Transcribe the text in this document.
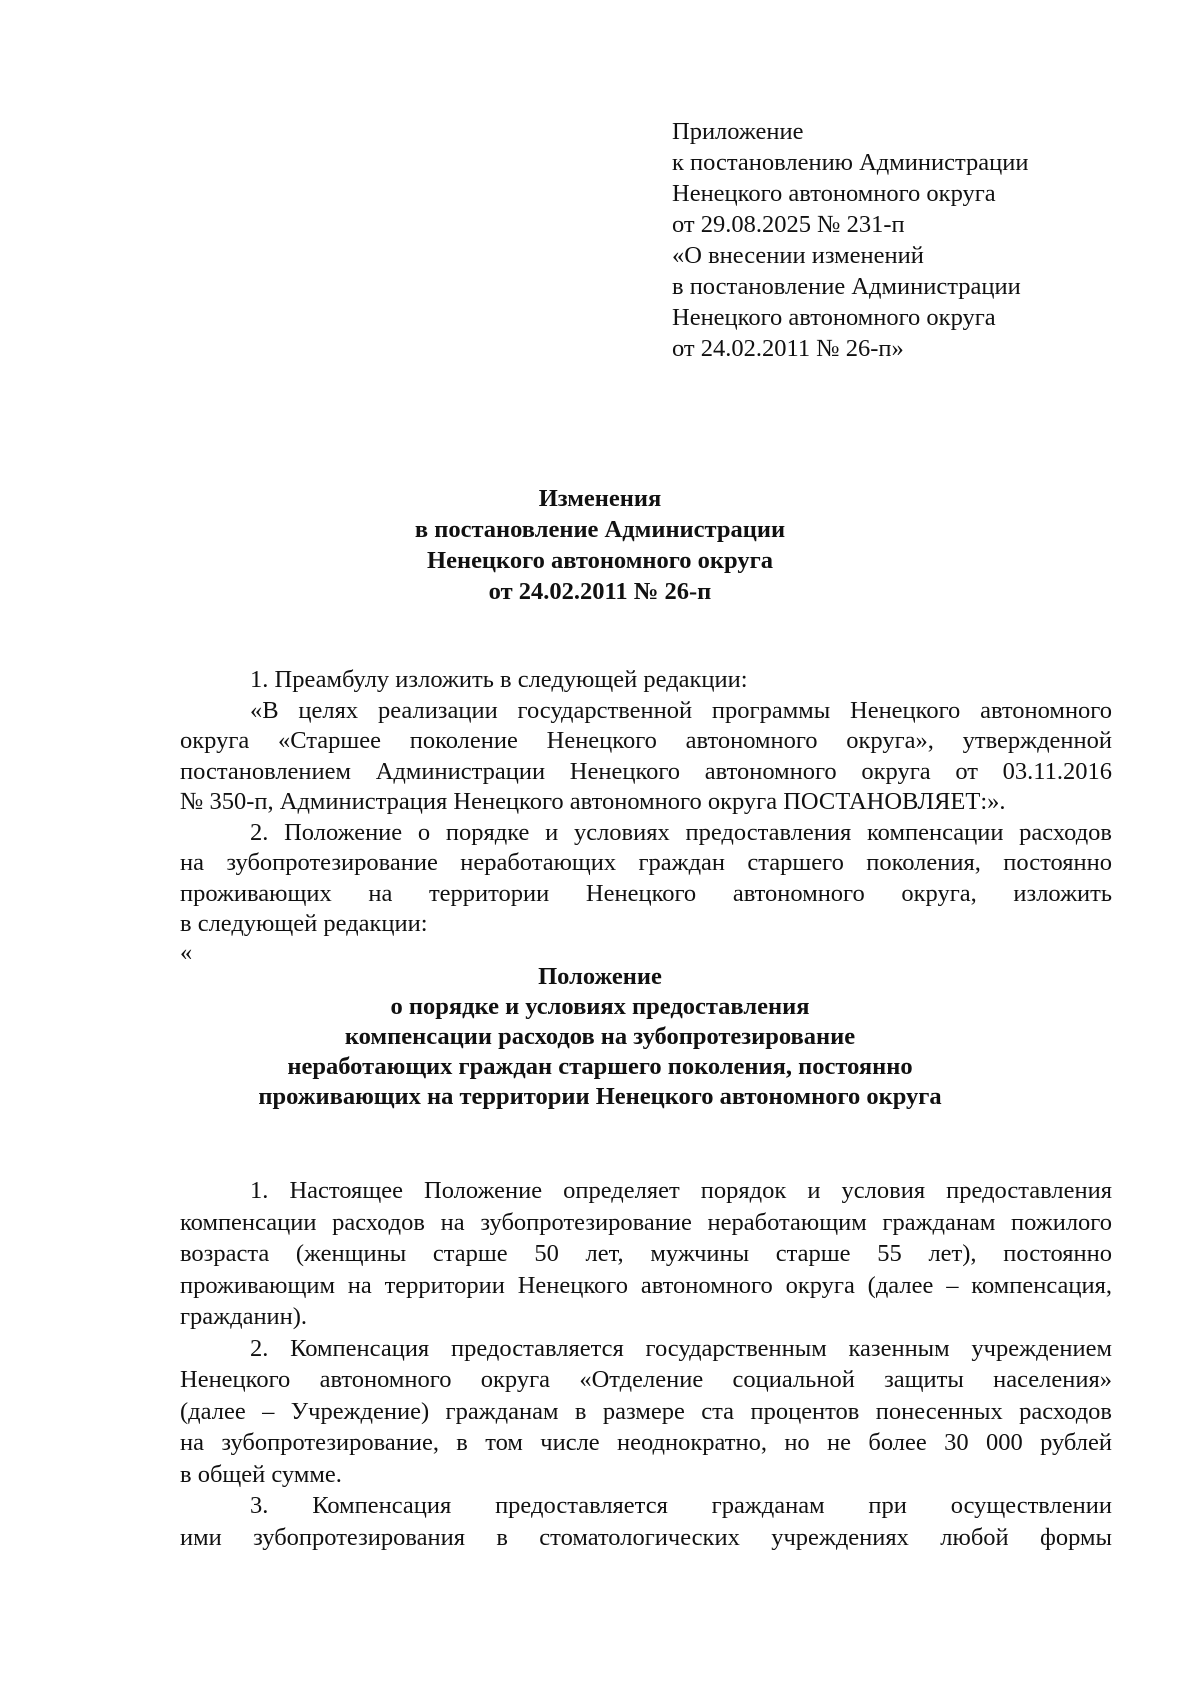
Приложение
к постановлению Администрации
Ненецкого автономного округа
от 29.08.2025 № 231-п
«О внесении изменений
в постановление Администрации
Ненецкого автономного округа
от 24.02.2011 № 26-п»
Изменения
в постановление Администрации
Ненецкого автономного округа
от 24.02.2011 № 26-п
1. Преамбулу изложить в следующей редакции:
«В целях реализации государственной программы Ненецкого автономного
округа «Старшее поколение Ненецкого автономного округа», утвержденной
постановлением Администрации Ненецкого автономного округа от 03.11.2016
№ 350-п, Администрация Ненецкого автономного округа ПОСТАНОВЛЯЕТ:».
2. Положение о порядке и условиях предоставления компенсации расходов
на зубопротезирование неработающих граждан старшего поколения, постоянно
проживающих на территории Ненецкого автономного округа, изложить
в следующей редакции:
«
Положение
о порядке и условиях предоставления
компенсации расходов на зубопротезирование
неработающих граждан старшего поколения, постоянно
проживающих на территории Ненецкого автономного округа
1. Настоящее Положение определяет порядок и условия предоставления
компенсации расходов на зубопротезирование неработающим гражданам пожилого
возраста (женщины старше 50 лет, мужчины старше 55 лет), постоянно
проживающим на территории Ненецкого автономного округа (далее – компенсация,
гражданин).
2. Компенсация предоставляется государственным казенным учреждением
Ненецкого автономного округа «Отделение социальной защиты населения»
(далее – Учреждение) гражданам в размере ста процентов понесенных расходов
на зубопротезирование, в том числе неоднократно, но не более 30 000 рублей
в общей сумме.
3. Компенсация предоставляется гражданам при осуществлении
ими зубопротезирования в стоматологических учреждениях любой формы
